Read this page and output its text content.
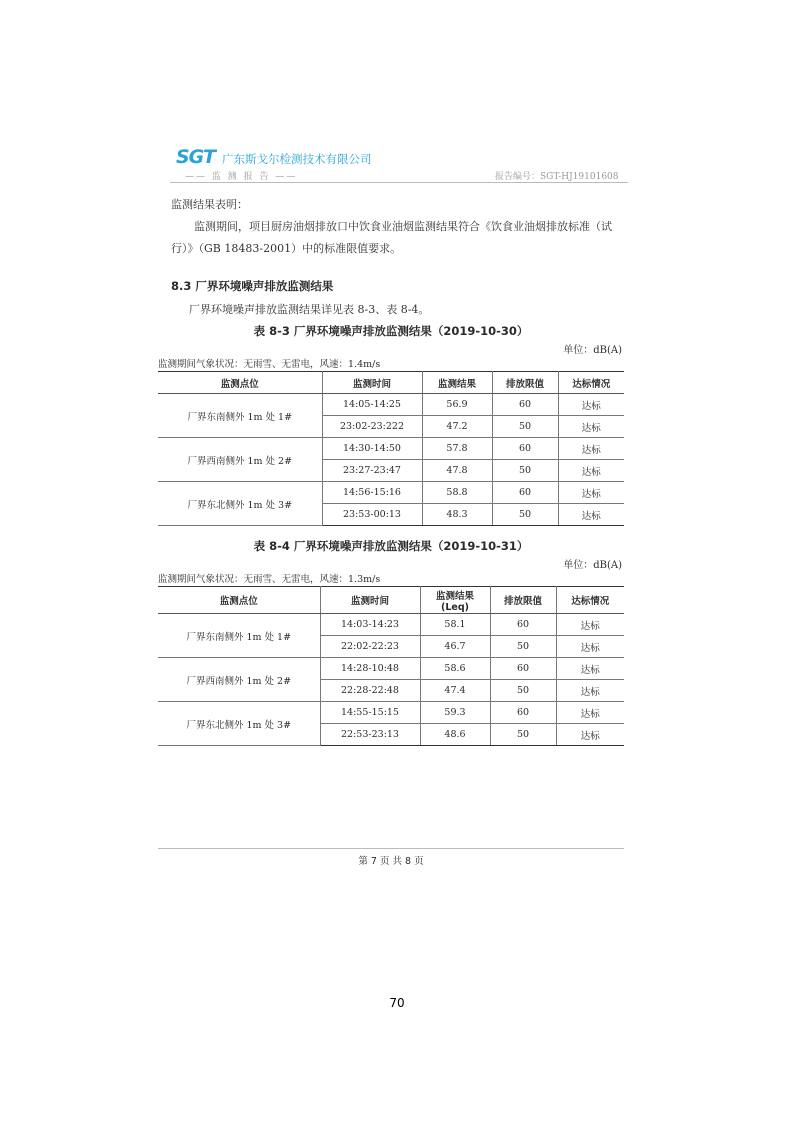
SGT 广东斯戈尔检测技术有限公司
—— 监 测 报 告 ——	报告编号：SGT-HJ19101608
监测结果表明：
监测期间，项目厨房油烟排放口中饮食业油烟监测结果符合《饮食业油烟排放标准（试
行）》（GB 18483-2001）中的标准限值要求。
8.3 厂界环境噪声排放监测结果
厂界环境噪声排放监测结果详见表 8-3、表 8-4。
表 8-3 厂界环境噪声排放监测结果（2019-10-30）
单位：dB(A)
监测期间气象状况：无雨雪、无雷电，风速：1.4m/s
监测点位	监测时间	监测结果	排放限值	达标情况
厂界东南侧外 1m 处 1#	14:05-14:25	56.9	60	达标
	23:02-23:222	47.2	50	达标
厂界西南侧外 1m 处 2#	14:30-14:50	57.8	60	达标
	23:27-23:47	47.8	50	达标
厂界东北侧外 1m 处 3#	14:56-15:16	58.8	60	达标
	23:53-00:13	48.3	50	达标
表 8-4 厂界环境噪声排放监测结果（2019-10-31）
单位：dB(A)
监测期间气象状况：无雨雪、无雷电，风速：1.3m/s
监测点位	监测时间	监测结果
(Leq)	排放限值	达标情况
厂界东南侧外 1m 处 1#	14:03-14:23	58.1	60	达标
	22:02-22:23	46.7	50	达标
厂界西南侧外 1m 处 2#	14:28-10:48	58.6	60	达标
	22:28-22:48	47.4	50	达标
厂界东北侧外 1m 处 3#	14:55-15:15	59.3	60	达标
	22:53-23:13	48.6	50	达标
第 7 页 共 8 页
70
